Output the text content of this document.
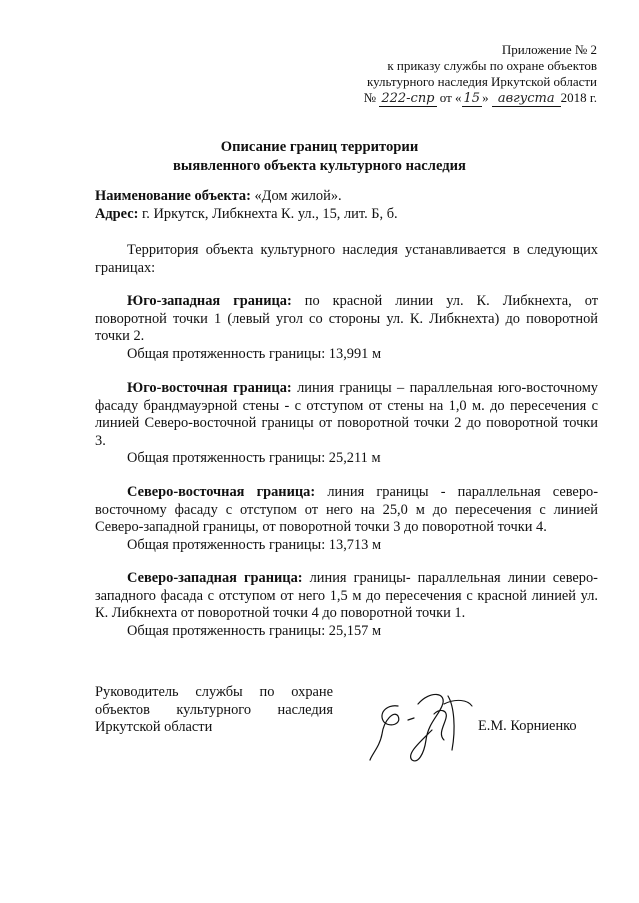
Приложение № 2
к приказу службы по охране объектов
культурного наследия Иркутской области
№ 222-спр от « 15 » августа 2018 г.
Описание границ территории
выявленного объекта культурного наследия

Наименование объекта: «Дом жилой».

Адрес: г. Иркутск, Либкнехта К. ул., 15, лит. Б, б.

Территория объекта культурного наследия устанавливается в следующих границах:

Юго-западная граница: по красной линии ул. К. Либкнехта, от поворотной точки 1 (левый угол со стороны ул. К. Либкнехта) до поворотной точки 2.

Общая протяженность границы: 13,991 м

Юго-восточная граница: линия границы – параллельная юго-восточному фасаду брандмауэрной стены - с отступом от стены на 1,0 м. до пересечения с линией Северо-восточной границы от поворотной точки 2 до поворотной точки 3.

Общая протяженность границы: 25,211 м

Северо-восточная граница: линия границы - параллельная северо-восточному фасаду с отступом от него на 25,0 м до пересечения с линией Северо-западной границы, от поворотной точки 3 до поворотной точки 4.

Общая протяженность границы: 13,713 м

Северо-западная граница: линия границы- параллельная линии северо-западного фасада с отступом от него 1,5 м до пересечения с красной линией ул. К. Либкнехта от поворотной точки 4 до поворотной точки 1.

Общая протяженность границы: 25,157 м

Руководитель службы по охране объектов культурного наследия Иркутской области	Е.М. Корниенко
